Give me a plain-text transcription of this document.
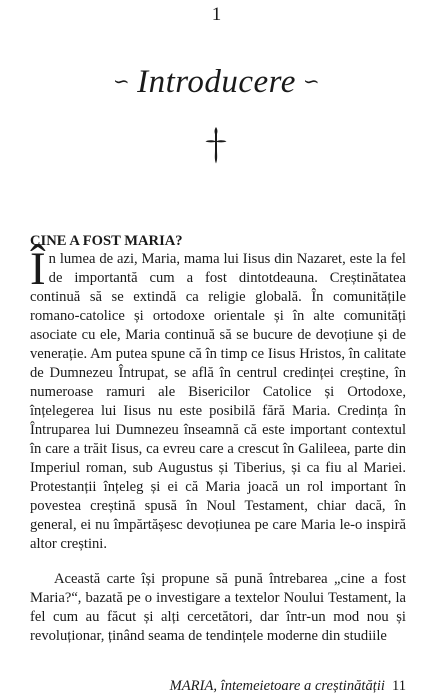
1
∽ Introducere ∽
CINE A FOST MARIA?

În lumea de azi, Maria, mama lui Iisus din Nazaret, este la fel de importantă cum a fost dintotdeauna. Creștinătatea continuă să se extindă ca religie globală. În comunitățile romano-catolice și ortodoxe orientale și în alte comunități asociate cu ele, Maria continuă să se bucure de devoțiune și de venerație. Am putea spune că în timp ce Iisus Hristos, în calitate de Dumnezeu Întrupat, se află în centrul credinței creștine, în numeroase ramuri ale Bisericilor Catolice și Ortodoxe, înțelegerea lui Iisus nu este posibilă fără Maria. Credința în Întruparea lui Dumnezeu înseamnă că este important contextul în care a trăit Iisus, ca evreu care a crescut în Galileea, parte din Imperiul roman, sub Augustus și Tiberius, și ca fiu al Mariei. Protestanții înțeleg și ei că Maria joacă un rol important în povestea creștină spusă în Noul Testament, chiar dacă, în general, ei nu împărtășesc devoțiunea pe care Maria le-o inspiră altor creștini.

Această carte își propune să pună întrebarea „cine a fost Maria?“, bazată pe o investigare a textelor Noului Testament, la fel cum au făcut și alți cercetători, dar într-un mod nou și revoluționar, ținând seama de tendințele moderne din studiile

MARIA, întemeietoare a creștinătății 11
